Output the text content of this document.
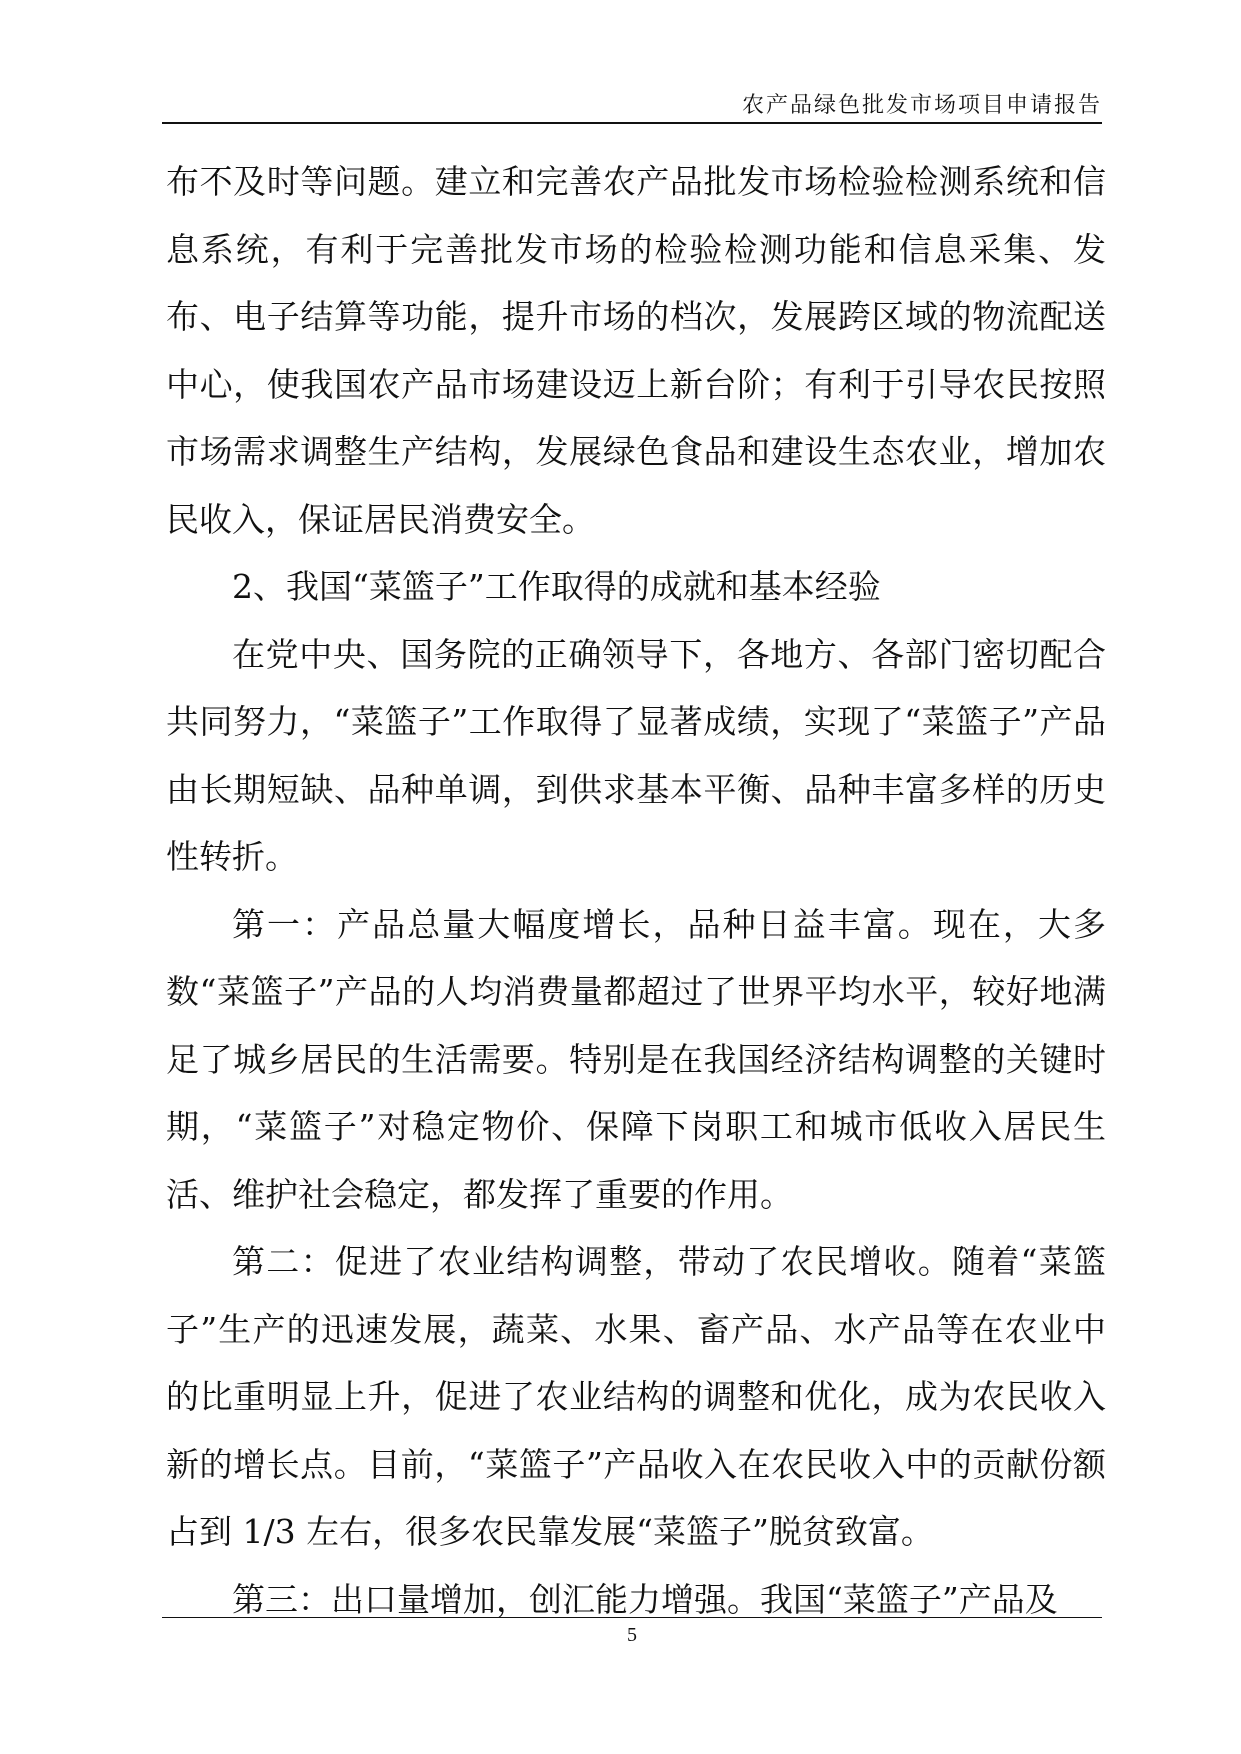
农产品绿色批发市场项目申请报告

布不及时等问题。建立和完善农产品批发市场检验检测系统和信息系统，有利于完善批发市场的检验检测功能和信息采集、发布、电子结算等功能，提升市场的档次，发展跨区域的物流配送中心，使我国农产品市场建设迈上新台阶；有利于引导农民按照市场需求调整生产结构，发展绿色食品和建设生态农业，增加农民收入，保证居民消费安全。

2、我国“菜篮子”工作取得的成就和基本经验

在党中央、国务院的正确领导下，各地方、各部门密切配合共同努力，“菜篮子”工作取得了显著成绩，实现了“菜篮子”产品由长期短缺、品种单调，到供求基本平衡、品种丰富多样的历史性转折。

第一：产品总量大幅度增长，品种日益丰富。现在，大多数“菜篮子”产品的人均消费量都超过了世界平均水平，较好地满足了城乡居民的生活需要。特别是在我国经济结构调整的关键时期，“菜篮子”对稳定物价、保障下岗职工和城市低收入居民生活、维护社会稳定，都发挥了重要的作用。

第二：促进了农业结构调整，带动了农民增收。随着“菜篮子”生产的迅速发展，蔬菜、水果、畜产品、水产品等在农业中的比重明显上升，促进了农业结构的调整和优化，成为农民收入新的增长点。目前，“菜篮子”产品收入在农民收入中的贡献份额占到 1/3 左右，很多农民靠发展“菜篮子”脱贫致富。

第三：出口量增加，创汇能力增强。我国“菜篮子”产品及

5
